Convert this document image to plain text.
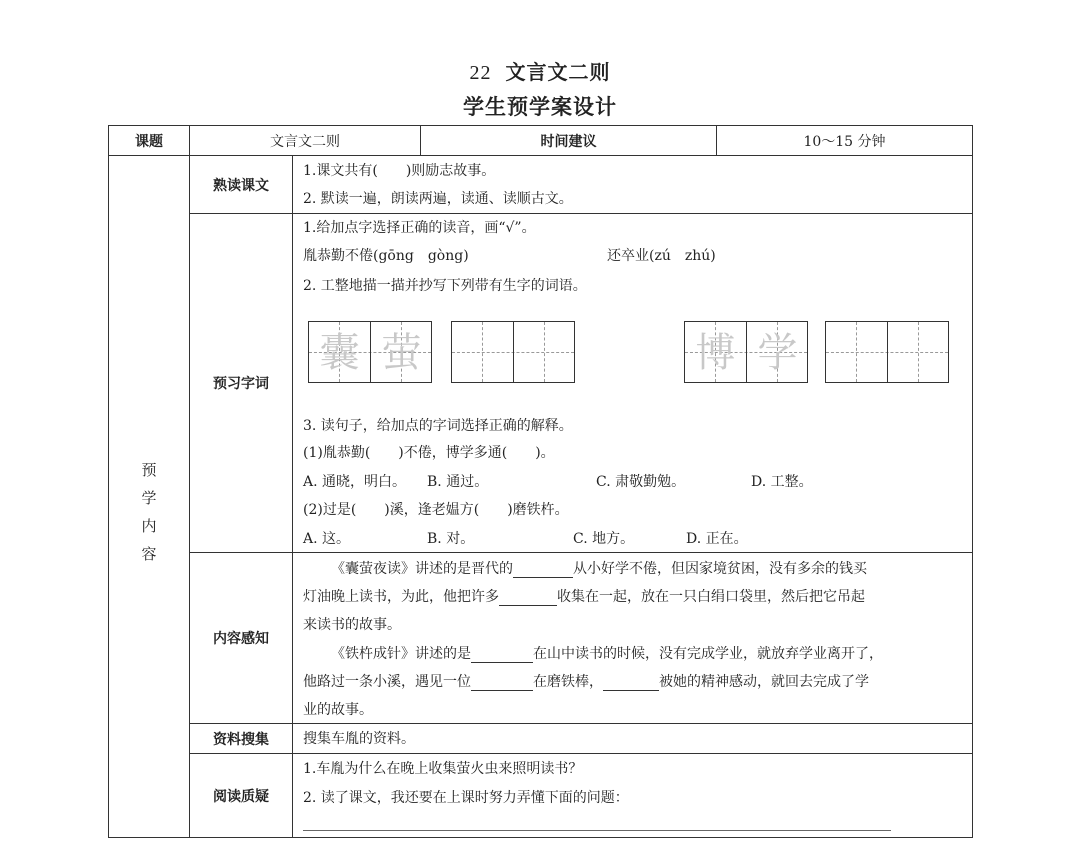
22 文言文二则
学生预学案设计
课题	文言文二则	时间建议	10～15 分钟
预
学
内
容
熟读课文
1.课文共有(　　)则励志故事。
2. 默读一遍，朗读两遍，读通、读顺古文。
预习字词
1.给加点字选择正确的读音，画“√”。
胤恭勤不倦(gōng　gòng)	还卒业(zú　zhú)
2. 工整地描一描并抄写下列带有生字的词语。
囊 萤	博 学
3. 读句子，给加点的字词选择正确的解释。
(1)胤恭勤(　　)不倦，博学多通(　　)。
A. 通晓，明白。 B. 通过。	C. 肃敬勤勉。	D. 工整。
(2)过是(　　)溪，逢老媪方(　　)磨铁杵。
A. 这。	B. 对。	C. 地方。	D. 正在。
内容感知
《囊萤夜读》讲述的是晋代的	从小好学不倦，但因家境贫困，没有多余的钱买
灯油晚上读书，为此，他把许多	收集在一起，放在一只白绢口袋里，然后把它吊起
来读书的故事。
《铁杵成针》讲述的是	在山中读书的时候，没有完成学业，就放弃学业离开了，
他路过一条小溪，遇见一位	在磨铁棒，	被她的精神感动，就回去完成了学
业的故事。
资料搜集	搜集车胤的资料。
阅读质疑
1.车胤为什么在晚上收集萤火虫来照明读书？
2. 读了课文，我还要在上课时努力弄懂下面的问题：
